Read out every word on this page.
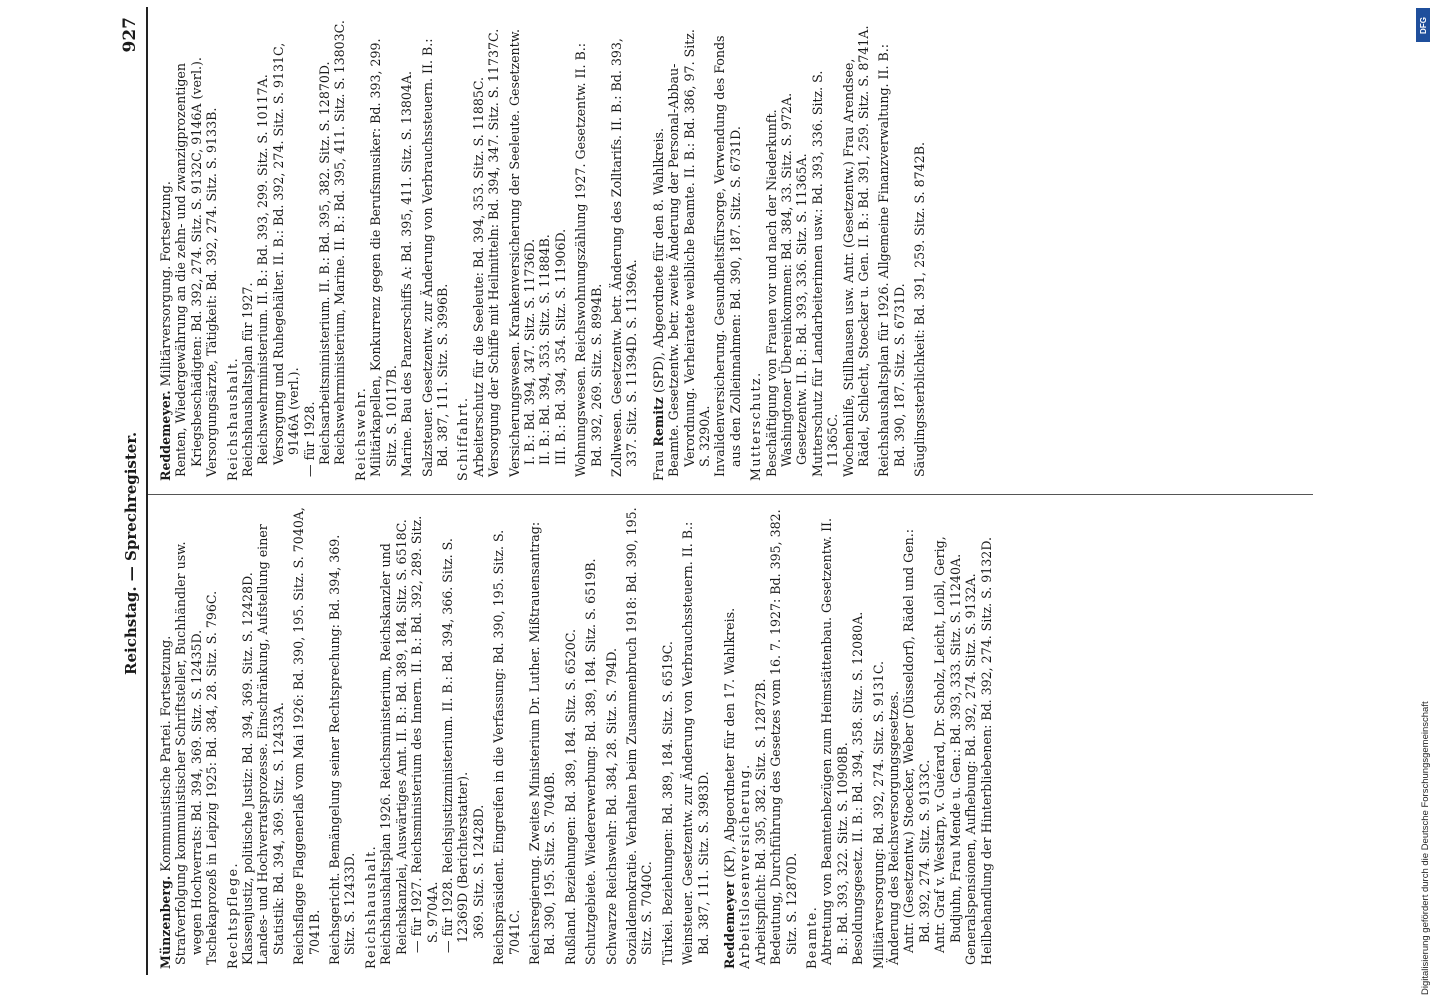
Reichstag. — Sprechregister.
927

Münzenberg. Kommunistische Partei. Fortsetzung. Strafverfolgung kommunistischer Schriftsteller, Buchhändler usw. wegen Hochverrats: Bd. 394, 369. Sitz. S. 12435D. Tschekaprozeß in Leipzig 1925: Bd. 384, 28. Sitz. S. 796C. Rechtspflege. Klassenjustiz, politische Justiz: Bd. 394, 369. Sitz. S. 12428D. Landes- und Hochverratsprozesse. Einschränkung, Aufstellung einer Statistik: Bd. 394, 369. Sitz. S. 12433A. Reichsflagge Flaggenerlaß vom Mai 1926: Bd. 390, 195. Sitz. S. 7040A, 7041B. Reichsgericht. Bemängelung seiner Rechtsprechung: Bd. 394, 369. Sitz. S. 12433D. Reichshaushalt. Reichshaushaltsplan 1926. Reichsministerium, Reichskanzler und Reichskanzlei, Auswärtiges Amt. II. B.: Bd. 389, 184. Sitz. S. 6518C. — für 1927. Reichsministerium des Innern. II. B.: Bd. 392, 289. Sitz. S. 9704A. — für 1928. Reichsjustizministerium. II. B.: Bd. 394, 366. Sitz. S. 12369D (Berichterstatter). 369. Sitz. S. 12428D. Reichspräsident. Eingreifen in die Verfassung: Bd. 390, 195. Sitz. S. 7041C. Reichsregierung. Zweites Ministerium Dr. Luther. Mißtrauensantrag: Bd. 390, 195. Sitz. S. 7040B. Rußland. Beziehungen: Bd. 389, 184. Sitz. S. 6520C. Schutzgebiete. Wiedererwerbung: Bd. 389, 184. Sitz. S. 6519B. Schwarze Reichswehr: Bd. 384, 28. Sitz. S. 794D. Sozialdemokratie. Verhalten beim Zusammenbruch 1918: Bd. 390, 195. Sitz. S. 7040C. Türkei. Beziehungen: Bd. 389, 184. Sitz. S. 6519C. Weinsteuer. Gesetzentw. zur Änderung von Verbrauchssteuern. II. B.: Bd. 387, 111. Sitz. S. 3983D. Reddemeyer (KP), Abgeordneter für den 17. Wahlkreis. Arbeitslosenversicherung. Arbeitspflicht: Bd. 395, 382. Sitz. S. 12872B. Bedeutung, Durchführung des Gesetzes vom 16. 7. 1927: Bd. 395, 382. Sitz. S. 12870D. Beamte. Abtretung von Beamtenbezügen zum Heimstättenbau. Gesetzentw. II. B.: Bd. 393, 322. Sitz. S. 10908B. Besoldungsgesetz. II. B.: Bd. 394, 358. Sitz. S. 12080A. Militärversorgung: Bd. 392, 274. Sitz. S. 9131C. Änderung des Reichsversorgungsgesetzes. Antr. (Gesetzentw.) Stoecker, Weber (Düsseldorf), Rädel und Gen.: Bd. 392, 274. Sitz. S. 9133C. Antr. Graf v. Westarp, v. Guérard, Dr. Scholz, Leicht, Loibl, Gerig, Budjuhn, Frau Mende u. Gen.: Bd. 393, 333. Sitz. S. 11240A. Generalspensionen, Aufhebung: Bd. 392, 274. Sitz. S. 9132A. Heilbehandlung der Hinterbliebenen: Bd. 392, 274. Sitz. S. 9132D.

Reddemeyer. Militärversorgung. Fortsetzung. Renten, Wiedergewährung an die zehn- und zwanzigprozentigen Kriegsbeschädigten: Bd. 392, 274. Sitz. S. 9132C, 9146A (verl.). Versorgungsärzte, Tätigkeit: Bd. 392, 274. Sitz. S. 9133B. Reichshaushalt. Reichshaushaltsplan für 1927. Reichswehrministerium. II. B.: Bd. 393, 299. Sitz. S. 10117A. Versorgung und Ruhegehälter. II. B.: Bd. 392, 274. Sitz. S. 9131C, 9146A (verl.). — für 1928. Reichsarbeitsministerium. II. B.: Bd. 395, 382. Sitz. S. 12870D. Reichswehrministerium, Marine. II. B.: Bd. 395, 411. Sitz. S. 13803C. Reichswehr. Militärkapellen, Konkurrenz gegen die Berufsmusiker: Bd. 393, 299. Sitz. S. 10117B. Marine. Bau des Panzerschiffs A: Bd. 395, 411. Sitz. S. 13804A. Salzsteuer. Gesetzentw. zur Änderung von Verbrauchssteuern. II. B.: Bd. 387, 111. Sitz. S. 3996B. Schiffahrt. Arbeiterschutz für die Seeleute: Bd. 394, 353. Sitz. S. 11885C. Versorgung der Schiffe mit Heilmitteln: Bd. 394, 347. Sitz. S. 11737C. Versicherungswesen. Krankenversicherung der Seeleute. Gesetzentw. I. B.: Bd. 394, 347. Sitz. S. 11736D. II. B.: Bd. 394, 353. Sitz. S. 11884B. III. B.: Bd. 394, 354. Sitz. S. 11906D. Wohnungswesen. Reichswohnungszählung 1927. Gesetzentw. II. B.: Bd. 392, 269. Sitz. S. 8994B. Zollwesen. Gesetzentw. betr. Änderung des Zolltarifs. II. B.: Bd. 393, 337. Sitz. S. 11394D. S. 11396A. Frau Remitz (SPD), Abgeordnete für den 8. Wahlkreis. Beamte. Gesetzentw. betr. zweite Änderung der Personal-Abbau-Verordnung. Verheiratete weibliche Beamte. II. B.: Bd. 386, 97. Sitz. S. 3290A. Invalidenversicherung. Gesundheitsfürsorge, Verwendung des Fonds aus den Zolleinnahmen: Bd. 390, 187. Sitz. S. 6731D. Mutterschutz. Beschäftigung von Frauen vor und nach der Niederkunft. Washingtoner Übereinkommen: Bd. 384, 33. Sitz. S. 972A. Gesetzentw. II. B.: Bd. 393, 336. Sitz. S. 11365A. Mutterschutz für Landarbeiterinnen usw.: Bd. 393, 336. Sitz. S. 11365C. Wochenhilfe, Stillhausen usw. Antr. (Gesetzentw.) Frau Arendsee, Rädel, Schlecht, Stoecker u. Gen. II. B.: Bd. 391, 259. Sitz. S. 8741A. Reichshaushaltsplan für 1926. Allgemeine Finanzverwaltung. II. B.: Bd. 390, 187. Sitz. S. 6731D. Säuglingssterblichkeit: Bd. 391, 259. Sitz. S. 8742B.

Digitalisierung gefördert durch die Deutsche Forschungsgemeinschaft
DFG
